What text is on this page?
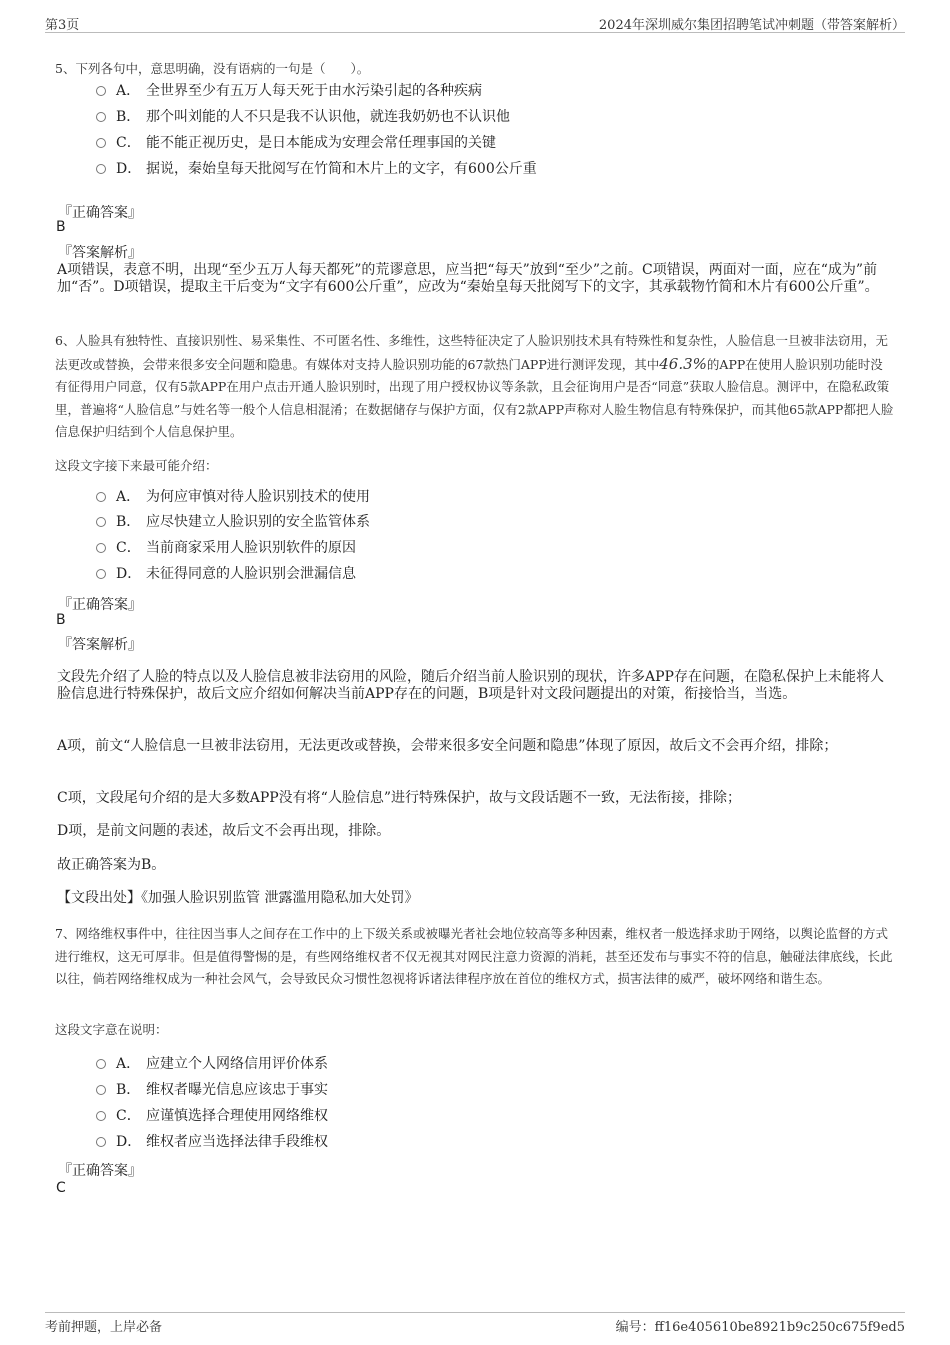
第3页	2024年深圳威尔集团招聘笔试冲刺题（带答案解析）
5、下列各句中，意思明确，没有语病的一句是（　　）。
A． 全世界至少有五万人每天死于由水污染引起的各种疾病
B． 那个叫刘能的人不只是我不认识他，就连我奶奶也不认识他
C． 能不能正视历史，是日本能成为安理会常任理事国的关键
D． 据说，秦始皇每天批阅写在竹简和木片上的文字，有600公斤重
『正确答案』
B
『答案解析』
A项错误，表意不明，出现“至少五万人每天都死”的荒谬意思，应当把“每天”放到“至少”之前。C项错误，两面对一面，应在“成为”前加“否”。D项错误，提取主干后变为“文字有600公斤重”，应改为“秦始皇每天批阅写下的文字，其承载物竹简和木片有600公斤重”。
6、人脸具有独特性、直接识别性、易采集性、不可匿名性、多维性，这些特征决定了人脸识别技术具有特殊性和复杂性，人脸信息一旦被非法窃用，无法更改或替换，会带来很多安全问题和隐患。有媒体对支持人脸识别功能的67款热门APP进行测评发现，其中46.3%的APP在使用人脸识别功能时没有征得用户同意，仅有5款APP在用户点击开通人脸识别时，出现了用户授权协议等条款，且会征询用户是否“同意”获取人脸信息。测评中，在隐私政策里，普遍将“人脸信息”与姓名等一般个人信息相混淆；在数据储存与保护方面，仅有2款APP声称对人脸生物信息有特殊保护，而其他65款APP都把人脸信息保护归结到个人信息保护里。
这段文字接下来最可能介绍：
A． 为何应审慎对待人脸识别技术的使用
B． 应尽快建立人脸识别的安全监管体系
C． 当前商家采用人脸识别软件的原因
D． 未征得同意的人脸识别会泄漏信息
『正确答案』
B
『答案解析』
文段先介绍了人脸的特点以及人脸信息被非法窃用的风险，随后介绍当前人脸识别的现状，许多APP存在问题，在隐私保护上未能将人脸信息进行特殊保护，故后文应介绍如何解决当前APP存在的问题，B项是针对文段问题提出的对策，衔接恰当，当选。
A项，前文“人脸信息一旦被非法窃用，无法更改或替换，会带来很多安全问题和隐患”体现了原因，故后文不会再介绍，排除；
C项，文段尾句介绍的是大多数APP没有将“人脸信息”进行特殊保护，故与文段话题不一致，无法衔接，排除；
D项，是前文问题的表述，故后文不会再出现，排除。
故正确答案为B。
【文段出处】《加强人脸识别监管 泄露滥用隐私加大处罚》
7、网络维权事件中，往往因当事人之间存在工作中的上下级关系或被曝光者社会地位较高等多种因素，维权者一般选择求助于网络，以舆论监督的方式进行维权，这无可厚非。但是值得警惕的是，有些网络维权者不仅无视其对网民注意力资源的消耗，甚至还发布与事实不符的信息，触碰法律底线，长此以往，倘若网络维权成为一种社会风气，会导致民众习惯性忽视将诉诸法律程序放在首位的维权方式，损害法律的威严，破坏网络和谐生态。
这段文字意在说明：
A． 应建立个人网络信用评价体系
B． 维权者曝光信息应该忠于事实
C． 应谨慎选择合理使用网络维权
D． 维权者应当选择法律手段维权
『正确答案』
C
考前押题，上岸必备	编号：ff16e405610be8921b9c250c675f9ed5
